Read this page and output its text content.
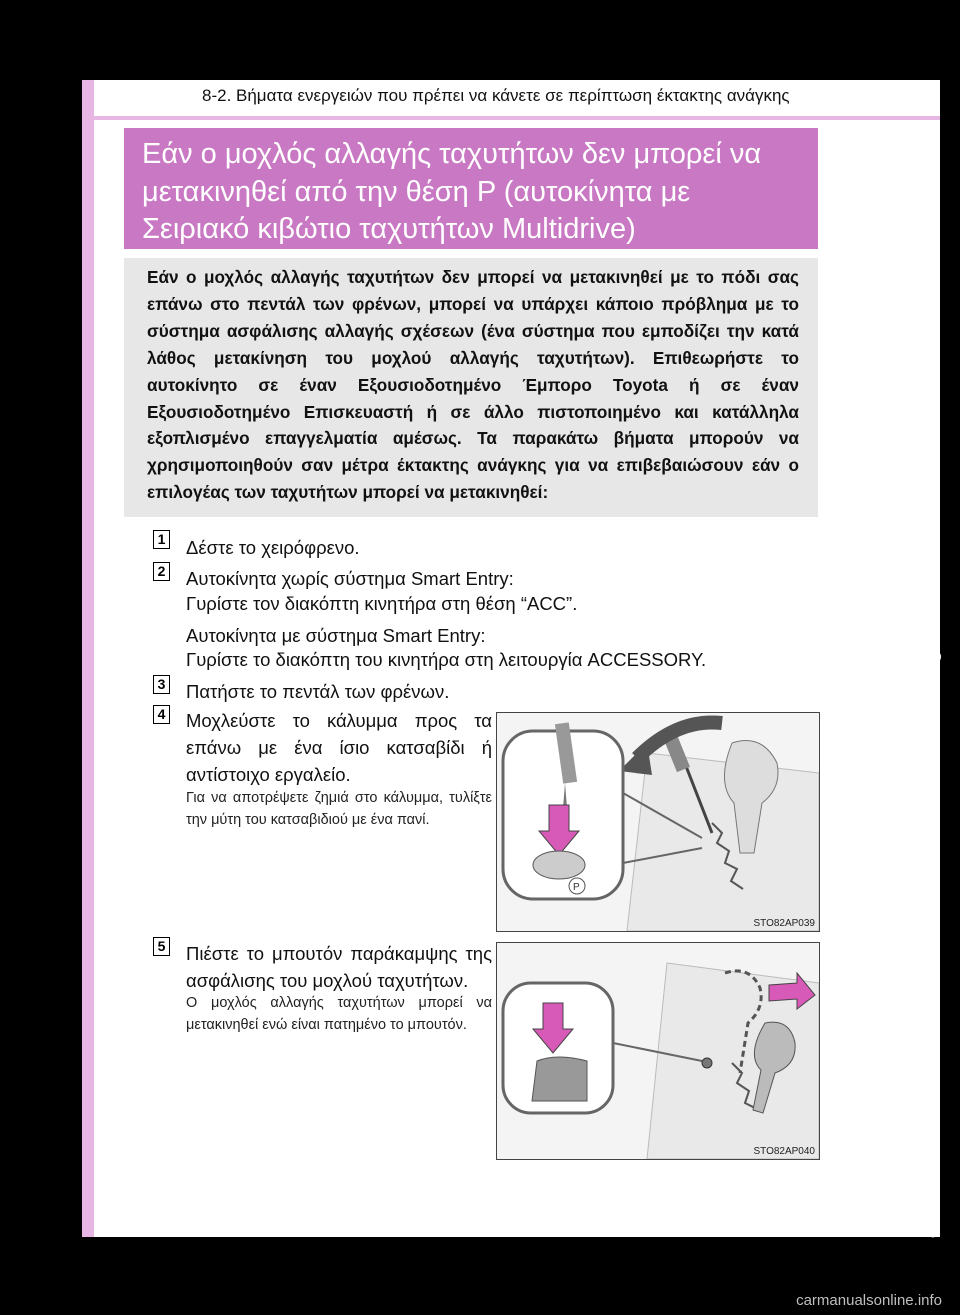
8-2. Βήματα ενεργειών που πρέπει να κάνετε σε περίπτωση έκτακτης ανάγκης
Εάν ο μοχλός αλλαγής ταχυτήτων δεν μπορεί να μετακινηθεί από την θέση P (αυτοκίνητα με Σειριακό κιβώτιο ταχυτήτων Multidrive)

Εάν ο μοχλός αλλαγής ταχυτήτων δεν μπορεί να μετακινηθεί με το πόδι σας επάνω στο πεντάλ των φρένων, μπορεί να υπάρχει κάποιο πρόβλημα με το σύστημα ασφάλισης αλλαγής σχέσεων (ένα σύστημα που εμποδίζει την κατά λάθος μετακίνηση του μοχλού αλλαγής ταχυτήτων). Επιθεωρήστε το αυτοκίνητο σε έναν Εξουσιοδοτημένο Έμπορο Toyota ή σε έναν Εξουσιοδοτημένο Επισκευαστή ή σε άλλο πιστοποιημένο και κατάλληλα εξοπλισμένο επαγγελματία αμέσως. Τα παρακάτω βήματα μπορούν να χρησιμοποιηθούν σαν μέτρα έκτακτης ανάγκης για να επιβεβαιώσουν εάν ο επιλογέας των ταχυτήτων μπορεί να μετακινηθεί:

1 Δέστε το χειρόφρενο.
2 Αυτοκίνητα χωρίς σύστημα Smart Entry:
Γυρίστε τον διακόπτη κινητήρα στη θέση “ACC”.
Αυτοκίνητα με σύστημα Smart Entry:
Γυρίστε το διακόπτη του κινητήρα στη λειτουργία ACCESSORY.
3 Πατήστε το πεντάλ των φρένων.
4 Μοχλεύστε το κάλυμμα προς τα επάνω με ένα ίσιο κατσαβίδι ή αντίστοιχο εργαλείο.
Για να αποτρέψετε ζημιά στο κάλυμμα, τυλίξτε την μύτη του κατσαβιδιού με ένα πανί.
P
STO82AP039
5 Πιέστε το μπουτόν παράκαμψης της ασφάλισης του μοχλού ταχυτήτων.
Ο μοχλός αλλαγής ταχυτήτων μπορεί να μετακινηθεί ενώ είναι πατημένο το μπουτόν.
STO82AP040
◟
◟
⊕
carmanualsonline.info
